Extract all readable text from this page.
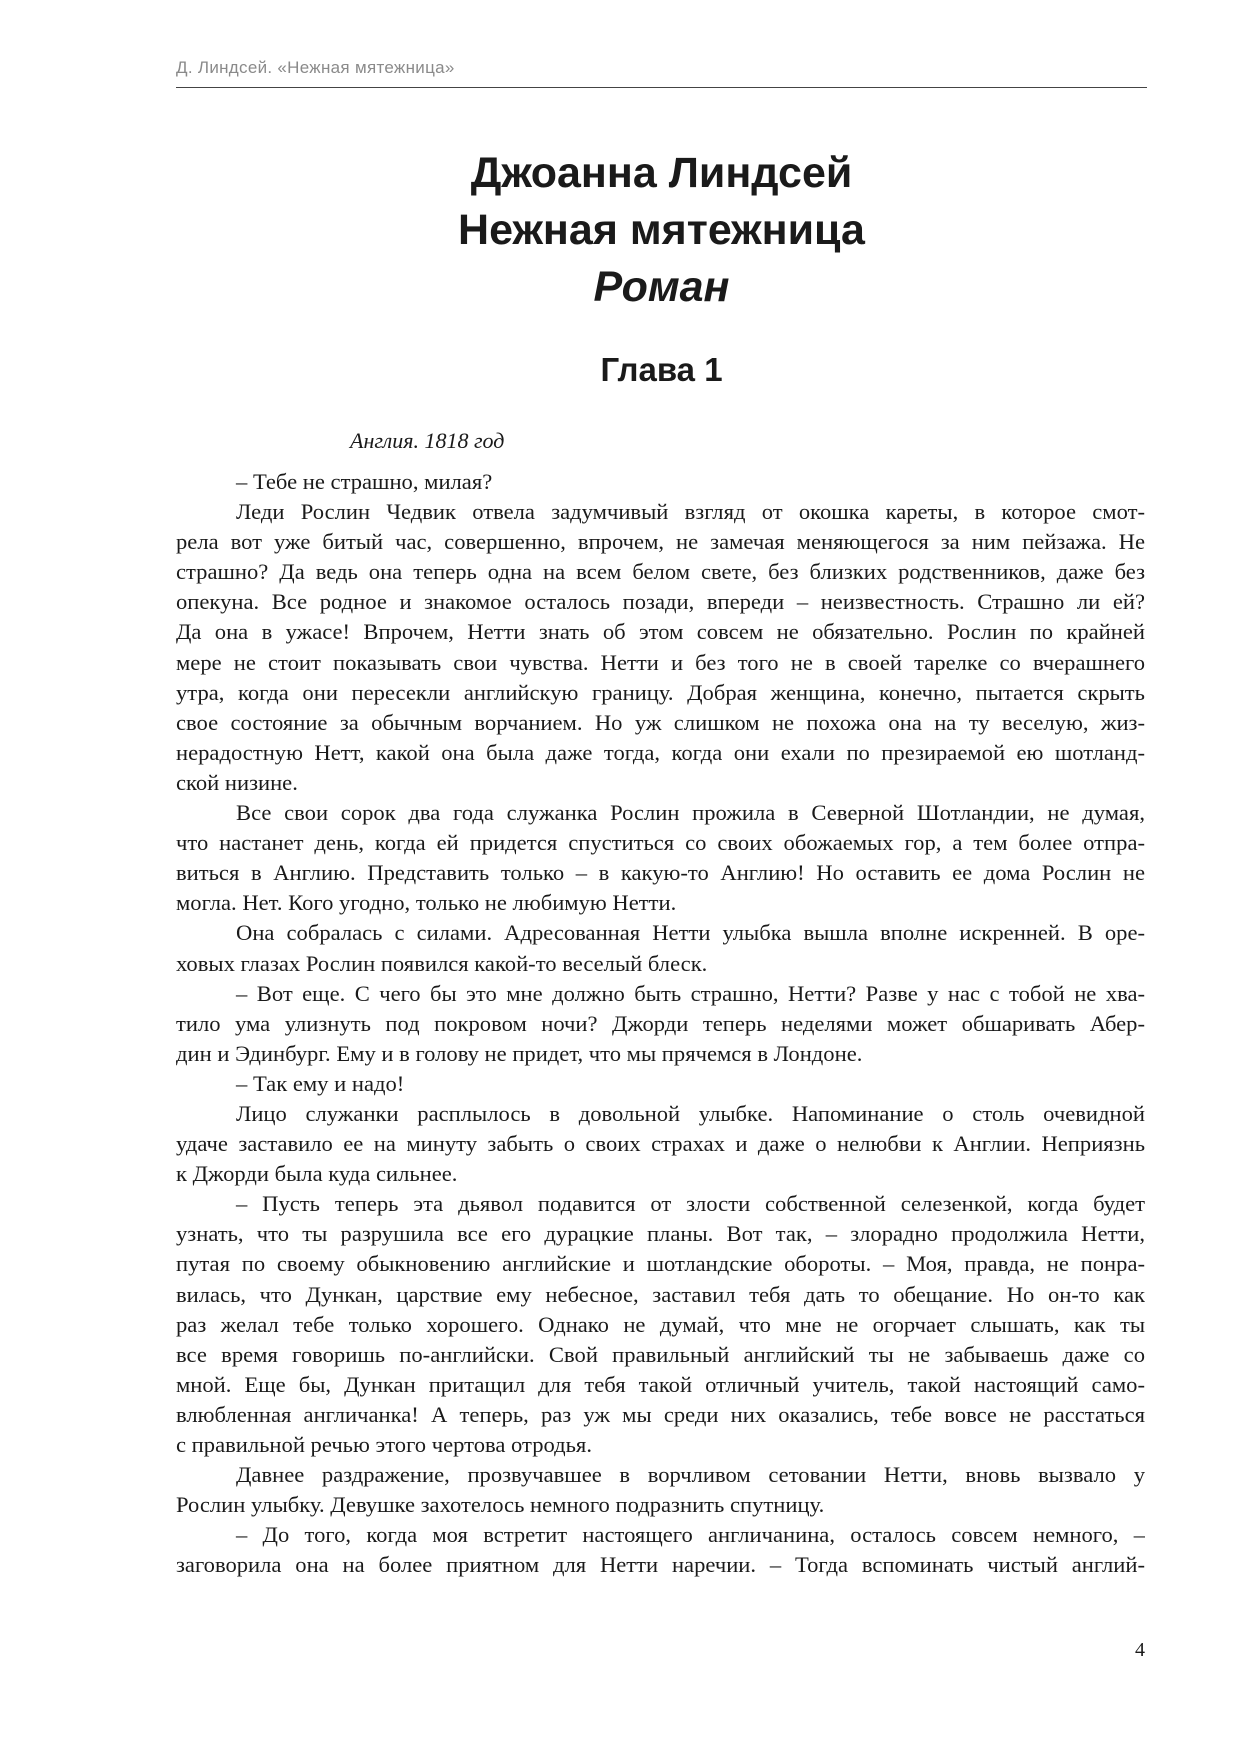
Д. Линдсей. «Нежная мятежница»
Джоанна Линдсей
Нежная мятежница
Роман
Глава 1
Англия. 1818 год
– Тебе не страшно, милая?
Леди Рослин Чедвик отвела задумчивый взгляд от окошка кареты, в которое смот-
рела вот уже битый час, совершенно, впрочем, не замечая меняющегося за ним пейзажа. Не
страшно? Да ведь она теперь одна на всем белом свете, без близких родственников, даже без
опекуна. Все родное и знакомое осталось позади, впереди – неизвестность. Страшно ли ей?
Да она в ужасе! Впрочем, Нетти знать об этом совсем не обязательно. Рослин по крайней
мере не стоит показывать свои чувства. Нетти и без того не в своей тарелке со вчерашнего
утра, когда они пересекли английскую границу. Добрая женщина, конечно, пытается скрыть
свое состояние за обычным ворчанием. Но уж слишком не похожа она на ту веселую, жиз-
нерадостную Нетт, какой она была даже тогда, когда они ехали по презираемой ею шотланд-
ской низине.
Все свои сорок два года служанка Рослин прожила в Северной Шотландии, не думая,
что настанет день, когда ей придется спуститься со своих обожаемых гор, а тем более отпра-
виться в Англию. Представить только – в какую-то Англию! Но оставить ее дома Рослин не
могла. Нет. Кого угодно, только не любимую Нетти.
Она собралась с силами. Адресованная Нетти улыбка вышла вполне искренней. В оре-
ховых глазах Рослин появился какой-то веселый блеск.
– Вот еще. С чего бы это мне должно быть страшно, Нетти? Разве у нас с тобой не хва-
тило ума улизнуть под покровом ночи? Джорди теперь неделями может обшаривать Абер-
дин и Эдинбург. Ему и в голову не придет, что мы прячемся в Лондоне.
– Так ему и надо!
Лицо служанки расплылось в довольной улыбке. Напоминание о столь очевидной
удаче заставило ее на минуту забыть о своих страхах и даже о нелюбви к Англии. Неприязнь
к Джорди была куда сильнее.
– Пусть теперь эта дьявол подавится от злости собственной селезенкой, когда будет
узнать, что ты разрушила все его дурацкие планы. Вот так, – злорадно продолжила Нетти,
путая по своему обыкновению английские и шотландские обороты. – Моя, правда, не понра-
вилась, что Дункан, царствие ему небесное, заставил тебя дать то обещание. Но он-то как
раз желал тебе только хорошего. Однако не думай, что мне не огорчает слышать, как ты
все время говоришь по-английски. Свой правильный английский ты не забываешь даже со
мной. Еще бы, Дункан притащил для тебя такой отличный учитель, такой настоящий само-
влюбленная англичанка! А теперь, раз уж мы среди них оказались, тебе вовсе не расстаться
с правильной речью этого чертова отродья.
Давнее раздражение, прозвучавшее в ворчливом сетовании Нетти, вновь вызвало у
Рослин улыбку. Девушке захотелось немного подразнить спутницу.
– До того, когда моя встретит настоящего англичанина, осталось совсем немного, –
заговорила она на более приятном для Нетти наречии. – Тогда вспоминать чистый англий-
4
